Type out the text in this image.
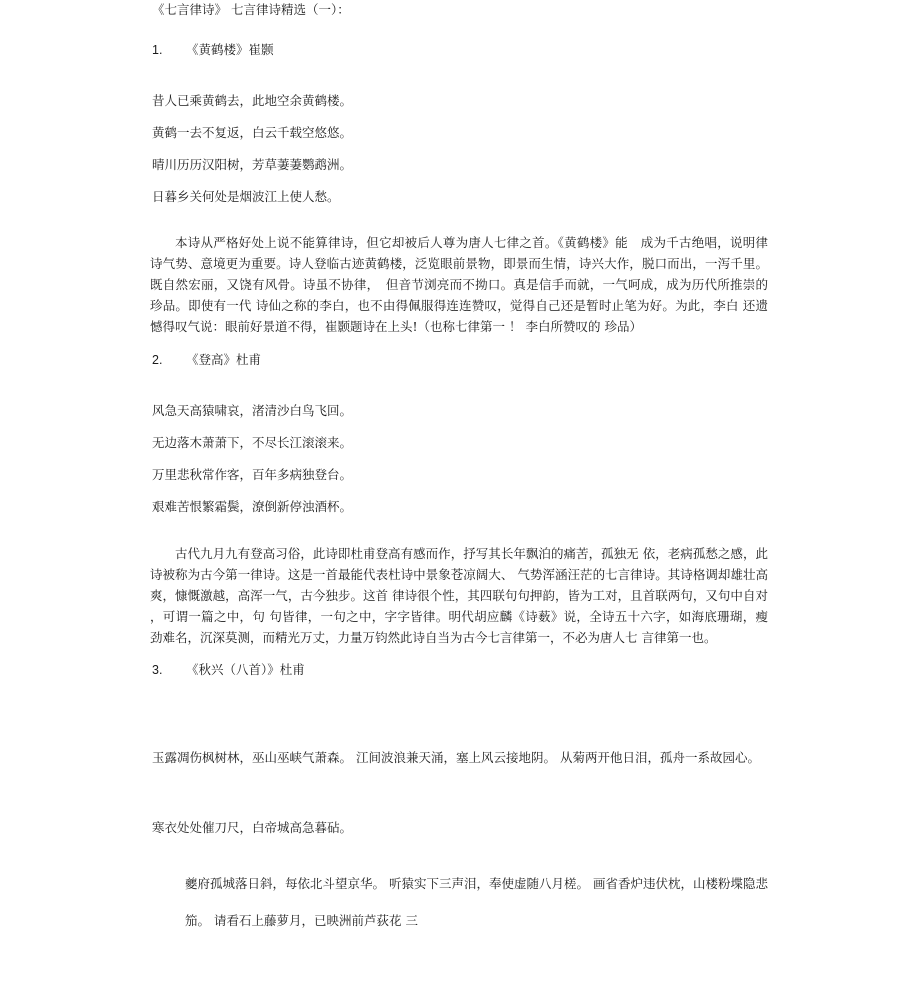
《七言律诗》 七言律诗精选（一）：
1. 《黄鹤楼》崔颢
昔人已乘黄鹤去，此地空余黄鹤楼。
黄鹤一去不复返，白云千载空悠悠。
晴川历历汉阳树，芳草萋萋鹦鹉洲。
日暮乡关何处是烟波江上使人愁。
本诗从严格好处上说不能算律诗，但它却被后人尊为唐人七律之首。《黄鹤楼》能　成为千古绝唱，说明律诗气势、意境更为重要。诗人登临古迹黄鹤楼，泛览眼前景物，即景而生情，诗兴大作，脱口而出，一泻千里。既自然宏丽，又饶有风骨。诗虽不协律，　但音节浏亮而不拗口。真是信手而就，一气呵成，成为历代所推崇的珍品。即使有一代 诗仙之称的李白，也不由得佩服得连连赞叹，觉得自己还是暂时止笔为好。为此，李白 还遗憾得叹气说：眼前好景道不得，崔颢题诗在上头!（也称七律第一 ！ 李白所赞叹的 珍品）
2. 《登高》杜甫
风急天高猿啸哀，渚清沙白鸟飞回。
无边落木萧萧下，不尽长江滚滚来。
万里悲秋常作客，百年多病独登台。
艰难苦恨繁霜鬓，潦倒新停浊酒杯。
古代九月九有登高习俗，此诗即杜甫登高有感而作，抒写其长年飘泊的痛苦，孤独无 依，老病孤愁之感，此诗被称为古今第一律诗。这是一首最能代表杜诗中景象苍凉阔大、 气势浑涵汪茫的七言律诗。其诗格调却雄壮高爽，慷慨激越，高浑一气，古今独步。这首 律诗很个性，其四联句句押韵，皆为工对，且首联两句，又句中自对 ，可谓一篇之中，句 句皆律，一句之中，字字皆律。明代胡应麟《诗薮》说，全诗五十六字，如海底珊瑚，瘦 劲难名，沉深莫测，而精光万丈，力量万钧然此诗自当为古今七言律第一，不必为唐人七 言律第一也。
3. 《秋兴（八首）》杜甫
玉露凋伤枫树林，巫山巫峡气萧森。 江间波浪兼天涌，塞上风云接地阴。 从菊两开他日泪，孤舟一系故园心。
寒衣处处催刀尺，白帝城高急暮砧。
夔府孤城落日斜，每依北斗望京华。 听猿实下三声泪，奉使虚随八月槎。 画省香炉违伏枕，山楼粉堞隐悲笳。 请看石上藤萝月，已映洲前芦荻花 三
